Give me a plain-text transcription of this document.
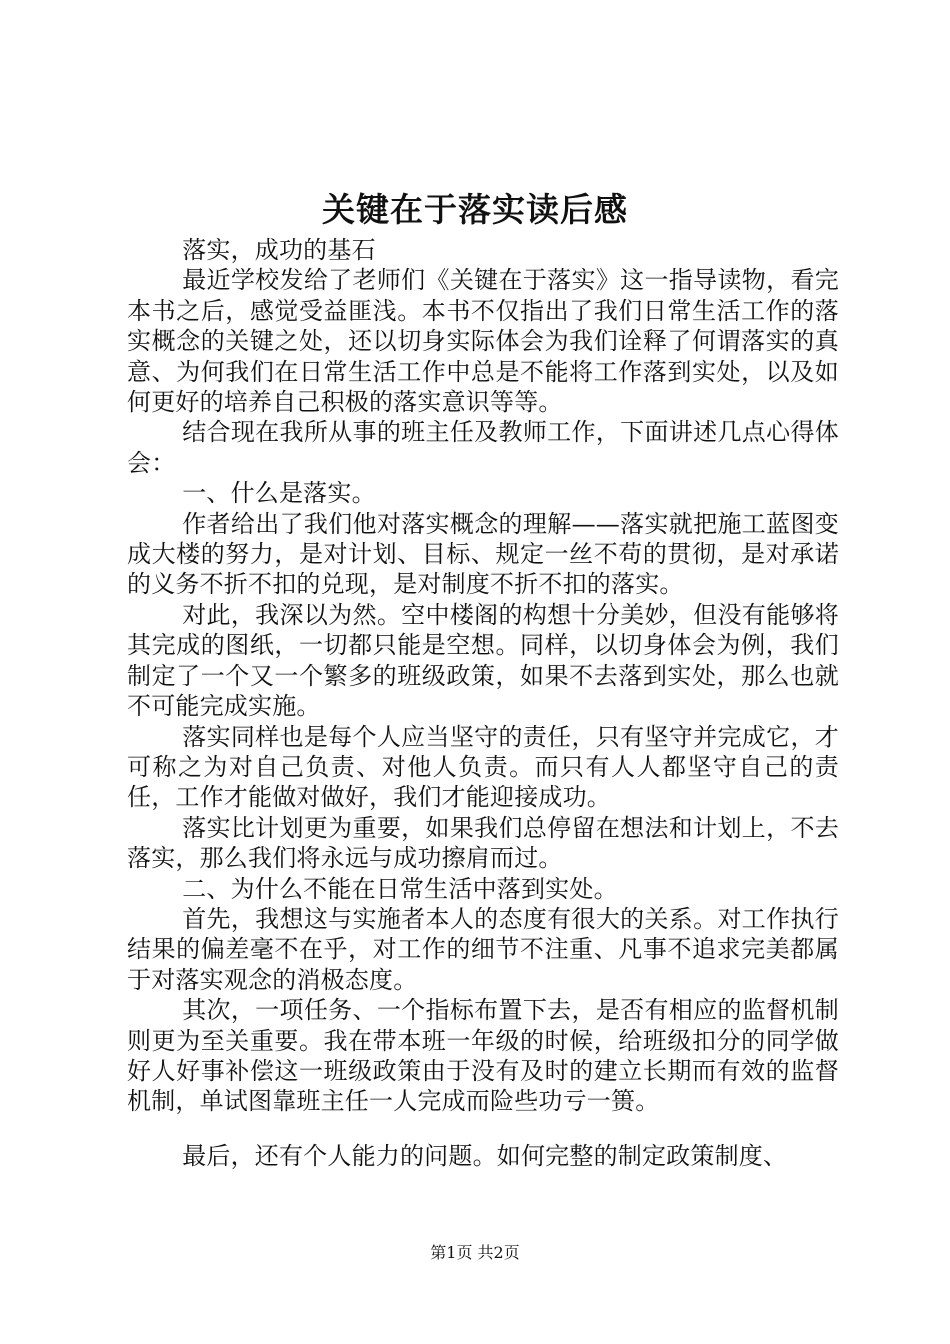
关键在于落实读后感

落实，成功的基石

最近学校发给了老师们《关键在于落实》这一指导读物，看完本书之后，感觉受益匪浅。本书不仅指出了我们日常生活工作的落实概念的关键之处，还以切身实际体会为我们诠释了何谓落实的真意、为何我们在日常生活工作中总是不能将工作落到实处，以及如何更好的培养自己积极的落实意识等等。

结合现在我所从事的班主任及教师工作，下面讲述几点心得体会：

一、什么是落实。

作者给出了我们他对落实概念的理解——落实就把施工蓝图变成大楼的努力，是对计划、目标、规定一丝不苟的贯彻，是对承诺的义务不折不扣的兑现，是对制度不折不扣的落实。

对此，我深以为然。空中楼阁的构想十分美妙，但没有能够将其完成的图纸，一切都只能是空想。同样，以切身体会为例，我们制定了一个又一个繁多的班级政策，如果不去落到实处，那么也就不可能完成实施。

落实同样也是每个人应当坚守的责任，只有坚守并完成它，才可称之为对自己负责、对他人负责。而只有人人都坚守自己的责任，工作才能做对做好，我们才能迎接成功。

落实比计划更为重要，如果我们总停留在想法和计划上，不去落实，那么我们将永远与成功擦肩而过。

二、为什么不能在日常生活中落到实处。

首先，我想这与实施者本人的态度有很大的关系。对工作执行结果的偏差毫不在乎，对工作的细节不注重、凡事不追求完美都属于对落实观念的消极态度。

其次，一项任务、一个指标布置下去，是否有相应的监督机制则更为至关重要。我在带本班一年级的时候，给班级扣分的同学做好人好事补偿这一班级政策由于没有及时的建立长期而有效的监督机制，单试图靠班主任一人完成而险些功亏一篑。

最后，还有个人能力的问题。如何完整的制定政策制度、

第1页 共2页
